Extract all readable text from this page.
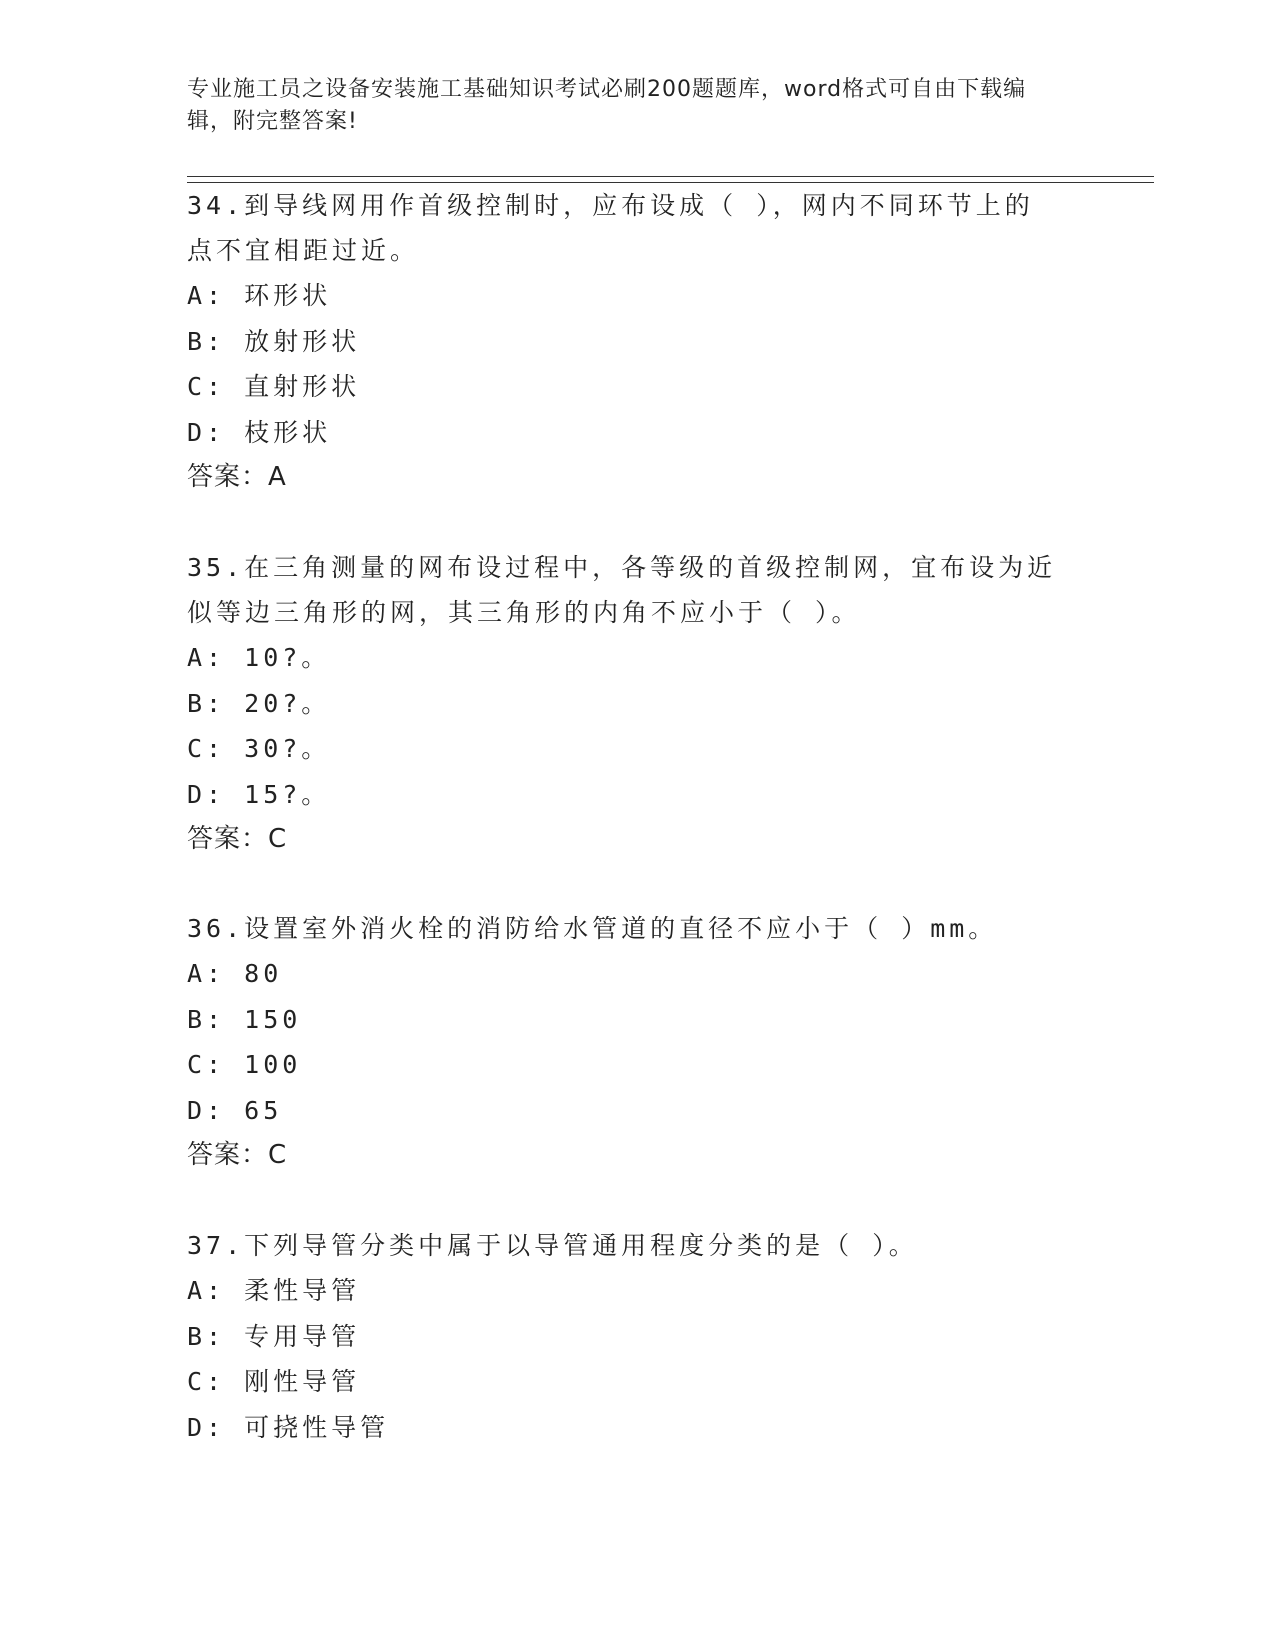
专业施工员之设备安装施工基础知识考试必刷200题题库，word格式可自由下载编辑，附完整答案!

34.到导线网用作首级控制时，应布设成（ ），网内不同环节上的点不宜相距过近。

A: 环形状

B: 放射形状

C: 直射形状

D: 枝形状

答案：A

35.在三角测量的网布设过程中，各等级的首级控制网，宜布设为近似等边三角形的网，其三角形的内角不应小于（ ）。

A: 10?。

B: 20?。

C: 30?。

D: 15?。

答案：C

36.设置室外消火栓的消防给水管道的直径不应小于（ ）mm。

A: 80

B: 150

C: 100

D: 65

答案：C

37.下列导管分类中属于以导管通用程度分类的是（ ）。

A: 柔性导管

B: 专用导管

C: 刚性导管

D: 可挠性导管
